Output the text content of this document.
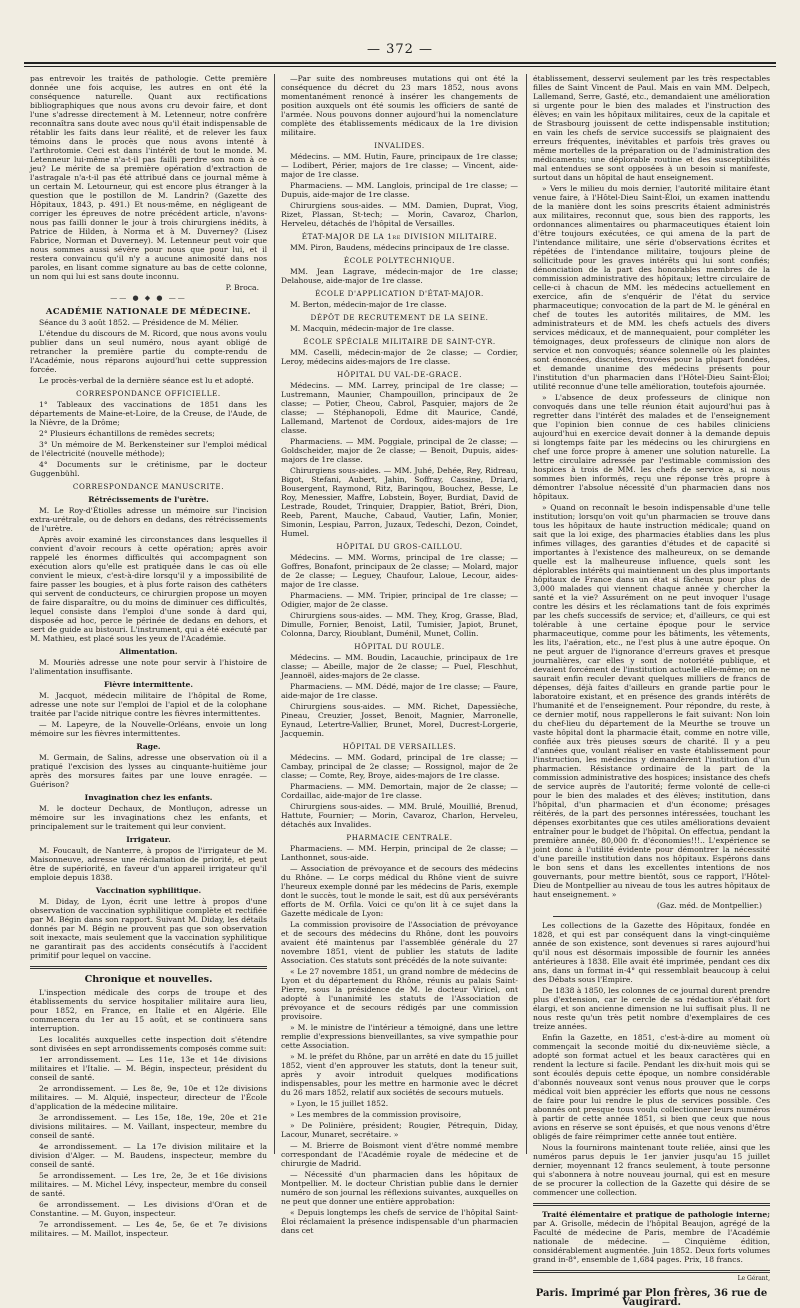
— 372 —

pas entrevoir les traités de pathologie. Cette première donnée une fois acquise, les autres en ont été la conséquence naturelle. Quant aux rectifications bibliographiques que nous avons cru devoir faire, et dont l'une s'adresse directement à M. Letenneur, notre confrère reconnaîtra sans doute avec nous qu'il était indispensable de rétablir les faits dans leur réalité, et de relever les faux témoins dans le procès que nous avons intenté à l'arthrotomie. Ceci est dans l'intérêt de tout le monde. M. Letenneur lui-même n'a-t-il pas failli perdre son nom à ce jeu? Le mérite de sa première opération d'extraction de l'astragale n'a-t-il pas été attribué dans ce journal même à un certain M. Letourneur, qui est encore plus étranger à la question que le postillon de M. Landrin? (Gazette des Hôpitaux, 1843, p. 491.) Et nous-même, en négligeant de corriger les épreuves de notre précédent article, n'avons-nous pas failli donner le jour à trois chirurgiens inédits, à Patrice de Hilden, à Norma et à M. Duverney? (Lisez Fabrice, Norman et Duverney). M. Letenneur peut voir que nous sommes aussi sévère pour nous que pour lui, et il restera convaincu qu'il n'y a aucune animosité dans nos paroles, en lisant comme signature au bas de cette colonne, un nom qui lui est sans doute inconnu.

P. Broca.
—— ● ◆ ● ——
ACADÉMIE NATIONALE DE MÉDECINE.

Séance du 3 août 1852. — Présidence de M. Mélier.

L'étendue du discours de M. Ricord, que nous avons voulu publier dans un seul numéro, nous ayant obligé de retrancher la première partie du compte-rendu de l'Académie, nous réparons aujourd'hui cette suppression forcée.

Le procès-verbal de la dernière séance est lu et adopté.

CORRESPONDANCE OFFICIELLE.

1° Tableaux des vaccinations de 1851 dans les départements de Maine-et-Loire, de la Creuse, de l'Aude, de la Nièvre, de la Drôme;

2° Plusieurs échantillons de remèdes secrets;

3° Un mémoire de M. Berkensteiner sur l'emploi médical de l'électricité (nouvelle méthode);

4° Documents sur le crétinisme, par le docteur Guggenbühl.

CORRESPONDANCE MANUSCRITE.
Rétrécissements de l'urètre.

M. Le Roy-d'Étiolles adresse un mémoire sur l'incision extra-urétrale, ou de dehors en dedans, des rétrécissements de l'urètre.

Après avoir examiné les circonstances dans lesquelles il convient d'avoir recours à cette opération; après avoir rappelé les énormes difficultés qui accompagnent son exécution alors qu'elle est pratiquée dans le cas où elle convient le mieux, c'est-à-dire lorsqu'il y a impossibilité de faire passer les bougies, et à plus forte raison des cathéters qui servent de conducteurs, ce chirurgien propose un moyen de faire disparaître, ou du moins de diminuer ces difficultés, lequel consiste dans l'emploi d'une sonde à dard qui, disposée ad hoc, perce le périnée de dedans en dehors, et sert de guide au bistouri. L'instrument, qui a été exécuté par M. Mathieu, est placé sous les yeux de l'Académie.

Alimentation.

M. Mouriès adresse une note pour servir à l'histoire de l'alimentation insuffisante.

Fièvre intermittente.

M. Jacquot, médecin militaire de l'hôpital de Rome, adresse une note sur l'emploi de l'apiol et de la colophane traitée par l'acide nitrique contre les fièvres intermittentes.

— M. Lapeyre, de la Nouvelle-Orléans, envoie un long mémoire sur les fièvres intermittentes.

Rage.

M. Germain, de Salins, adresse une observation où il a pratiqué l'excision des lysses au cinquante-huitième jour après des morsures faites par une louve enragée. — Guérison?

Invagination chez les enfants.

M. le docteur Dechaux, de Montluçon, adresse un mémoire sur les invaginations chez les enfants, et principalement sur le traitement qui leur convient.

Irrigateur.

M. Foucault, de Nanterre, à propos de l'irrigateur de M. Maisonneuve, adresse une réclamation de priorité, et peut être de supériorité, en faveur d'un appareil irrigateur qu'il emploie depuis 1838.

Vaccination syphilitique.

M. Diday, de Lyon, écrit une lettre à propos d'une observation de vaccination syphilitique complète et rectifiée par M. Bégin dans son rapport. Suivant M. Diday, les détails donnés par M. Bégin ne prouvent pas que son observation soit inexacte, mais seulement que la vaccination syphilitique ne garantirait pas des accidents consécutifs à l'accident primitif pour lequel on vaccine.

Chronique et nouvelles.

L'inspection médicale des corps de troupe et des établissements du service hospitalier militaire aura lieu, pour 1852, en France, en Italie et en Algérie. Elle commencera du 1er au 15 août, et se continuera sans interruption.

Les localités auxquelles cette inspection doit s'étendre sont divisées en sept arrondissements composés comme suit:

1er arrondissement. — Les 11e, 13e et 14e divisions militaires et l'Italie. — M. Bégin, inspecteur, président du conseil de santé.

2e arrondissement. — Les 8e, 9e, 10e et 12e divisions militaires. — M. Alquié, inspecteur, directeur de l'École d'application de la médecine militaire.

3e arrondissement. — Les 15e, 18e, 19e, 20e et 21e divisions militaires. — M. Vaillant, inspecteur, membre du conseil de santé.

4e arrondissement. — La 17e division militaire et la division d'Alger. — M. Baudens, inspecteur, membre du conseil de santé.

5e arrondissement. — Les 1re, 2e, 3e et 16e divisions militaires. — M. Michel Lévy, inspecteur, membre du conseil de santé.

6e arrondissement. — Les divisions d'Oran et de Constantine. — M. Guyon, inspecteur.

7e arrondissement. — Les 4e, 5e, 6e et 7e divisions militaires. — M. Maillot, inspecteur.

—Par suite des nombreuses mutations qui ont été la conséquence du décret du 23 mars 1852, nous avons momentanément renoncé à insérer les changements de position auxquels ont été soumis les officiers de santé de l'armée. Nous pouvons donner aujourd'hui la nomenclature complète des établissements médicaux de la 1re division militaire.

INVALIDES.

Médecins. — MM. Hutin, Faure, principaux de 1re classe; — Lodibert, Périer, majors de 1re classe; — Vincent, aide-major de 1re classe.

Pharmaciens. — MM. Langlois, principal de 1re classe; — Dupuis, aide-major de 1re classe.

Chirurgiens sous-aides. — MM. Damien, Duprat, Viog, Rizet, Plassan, St-tech; — Morin, Cavaroz, Charlon, Herveleu, détachés de l'hôpital de Versailles.

ÉTAT-MAJOR DE LA 1re DIVISION MILITAIRE.

MM. Piron, Baudens, médecins principaux de 1re classe.

ÉCOLE POLYTECHNIQUE.

MM. Jean Lagrave, médecin-major de 1re classe; Delahouse, aide-major de 1re classe.

ÉCOLE D'APPLICATION D'ÉTAT-MAJOR.

M. Berton, médecin-major de 1re classe.

DÉPÔT DE RECRUTEMENT DE LA SEINE.

M. Macquin, médecin-major de 1re classe.

ÉCOLE SPÉCIALE MILITAIRE DE SAINT-CYR.

MM. Caselli, médecin-major de 2e classe; — Cordier, Leroy, médecins aides-majors de 1re classe.

HÔPITAL DU VAL-DE-GRACE.

Médecins. — MM. Larrey, principal de 1re classe; — Lustremann, Maunier, Champouillon, principaux de 2e classe; — Potier, Cheou, Cabrol, Pasquier, majors de 2e classe; — Stéphanopoli, Edme dit Maurice, Candé, Lallemand, Martenot de Cordoux, aides-majors de 1re classe.

Pharmaciens. — MM. Poggiale, principal de 2e classe; — Goldscheider, major de 2e classe; — Benoit, Dupuis, aides-majors de 1re classe.

Chirurgiens sous-aides. — MM. Juhé, Dehée, Rey, Ridreau, Bigot, Stefani, Aubert, Jahin, Soffray, Cassine, Driard, Bousergent, Raymond, Ritz, Barinqou, Bouchez, Besse, Le Roy, Menessier, Maffre, Lobstein, Boyer, Burdiat, David de Lestrade, Roudet, Trinquier, Drappier, Batiot, Bréri, Dion, Reeb, Parent, Mauche, Cabaud, Vautier, Lafin, Monier, Simonin, Lespiau, Parron, Juzaux, Tedeschi, Dezon, Coindet, Humel.

HÔPITAL DU GROS-CAILLOU.

Médecins. — MM. Worms, principal de 1re classe; — Goffres, Bonafont, principaux de 2e classe; — Molard, major de 2e classe; — Leguey, Chaufour, Laloue, Lecour, aides-major de 1re classe.

Pharmaciens. — MM. Tripier, principal de 1re classe; — Odigier, major de 2e classe.

Chirurgiens sous-aides. — MM. They, Krog, Grasse, Blad, Dimulle, Fornier, Benoist, Latil, Tumisier, Japiot, Brunet, Colonna, Darcy, Rioublant, Duménil, Munet, Collin.

HÔPITAL DU ROULE.

Médecins. — MM. Boudin, Lacauchie, principaux de 1re classe; — Abeille, major de 2e classe; — Puel, Fleschhut, Jeannoël, aides-majors de 2e classe.

Pharmaciens. — MM. Dédé, major de 1re classe; — Faure, aide-major de 1re classe.

Chirurgiens sous-aides. — MM. Richet, Dapessièche, Pineau, Creuzier, Josset, Benoit, Magnier, Marronelle, Eynaud, Letertre-Vallier, Brunet, Morel, Ducrest-Lorgerie, Jacquemin.

HÔPITAL DE VERSAILLES.

Médecins. — MM. Godard, principal de 1re classe; — Cambay, principal de 2e classe; — Rossignol, major de 2e classe; — Comte, Rey, Broye, aides-majors de 1re classe.

Pharmaciens. — MM. Demortain, major de 2e classe; — Cordaillac, aide-major de 1re classe.

Chirurgiens sous-aides. — MM. Brulé, Mouillié, Brenud, Hattute, Fournier; — Morin, Cavaroz, Charlon, Herveleu, détachés aux Invalides.

PHARMACIE CENTRALE.

Pharmaciens. — MM. Herpin, principal de 2e classe; — Lanthonnet, sous-aide.

— Association de prévoyance et de secours des médecins du Rhône. — Le corps médical du Rhône vient de suivre l'heureux exemple donné par les médecins de Paris, exemple dont le succès, tout le monde le sait, est dû aux persévérants efforts de M. Orfila. Voici ce qu'on lit à ce sujet dans la Gazette médicale de Lyon:

La commission provisoire de l'Association de prévoyance et de secours des médecins du Rhône, dont les pouvoirs avaient été maintenus par l'assemblée générale du 27 novembre 1851, vient de publier les statuts de ladite Association. Ces statuts sont précédés de la note suivante:

« Le 27 novembre 1851, un grand nombre de médecins de Lyon et du département du Rhône, réunis au palais Saint-Pierre, sous la présidence de M. le docteur Viricel, ont adopté à l'unanimité les statuts de l'Association de prévoyance et de secours rédigés par une commission provisoire.

» M. le ministre de l'intérieur a témoigné, dans une lettre remplie d'expressions bienveillantes, sa vive sympathie pour cette Association.

» M. le préfet du Rhône, par un arrêté en date du 15 juillet 1852, vient d'en approuver les statuts, dont la teneur suit, après y avoir introduit quelques modifications indispensables, pour les mettre en harmonie avec le décret du 26 mars 1852, relatif aux sociétés de secours mutuels.

» Lyon, le 15 juillet 1852.

» Les membres de la commission provisoire,

» De Polinière, président; Rougier, Pétrequin, Diday, Lacour, Munaret, secrétaire. »

— M. Brierre de Boismont vient d'être nommé membre correspondant de l'Académie royale de médecine et de chirurgie de Madrid.

— Nécessité d'un pharmacien dans les hôpitaux de Montpellier. M. le docteur Christian publie dans le dernier numéro de son journal les réflexions suivantes, auxquelles on ne peut que donner une entière approbation:

« Depuis longtemps les chefs de service de l'hôpital Saint-Éloi réclamaient la présence indispensable d'un pharmacien dans cet

établissement, desservi seulement par les très respectables filles de Saint Vincent de Paul. Mais en vain MM. Delpech, Lallemand, Serre, Gasté, etc., demandaient une amélioration si urgente pour le bien des malades et l'instruction des élèves; en vain les hôpitaux militaires, ceux de la capitale et de Strasbourg jouissent de cette indispensable institution; en vain les chefs de service successifs se plaignaient des erreurs fréquentes, inévitables et parfois très graves ou même mortelles de la préparation ou de l'administration des médicaments; une déplorable routine et des susceptibilités mal entendues se sont opposées à un besoin si manifeste, surtout dans un hôpital de haut enseignement.

» Vers le milieu du mois dernier, l'autorité militaire étant venue faire, à l'Hôtel-Dieu Saint-Éloi, un examen inattendu de la manière dont les soins prescrits étaient administrés aux militaires, reconnut que, sous bien des rapports, les ordonnances alimentaires ou pharmaceutiques étaient loin d'être toujours exécutées, ce qui amena de la part de l'intendance militaire, une série d'observations écrites et répétées de l'intendance militaire, toujours pleine de sollicitude pour les graves intérêts qui lui sont confiés; dénonciation de la part des honorables membres de la commission administrative des hôpitaux; lettre circulaire de celle-ci à chacun de MM. les médecins actuellement en exercice, afin de s'enquérir de l'état du service pharmaceutique; convocation de la part de M. le général en chef de toutes les autorités militaires, de MM. les administrateurs et de MM. les chefs actuels des divers services médicaux, et de mannequaient, pour compléter les témoignages, deux professeurs de clinique non alors de service et non convoqués; séance solennelle où les plaintes sont énoncées, discutées, trouvées pour la plupart fondées, et demande unanime des médecins présents pour l'institution d'un pharmacien dans l'Hôtel-Dieu Saint-Éloi; utilité reconnue d'une telle amélioration, toutefois ajournée.

» L'absence de deux professeurs de clinique non convoqués dans une telle réunion était aujourd'hui pas à regretter dans l'intérêt des malades et de l'enseignement que l'opinion bien connue de ces habiles cliniciens aujourd'hui en exercice devait donner à la demande depuis si longtemps faite par les médecins ou les chirurgiens en chef une force propre à amener une solution naturelle. La lettre circulaire adressée par l'estimable commission des hospices à trois de MM. les chefs de service a, si nous sommes bien informés, reçu une réponse très propre à démontrer l'absolue nécessité d'un pharmacien dans nos hôpitaux.

» Quand on reconnaît le besoin indispensable d'une telle institution; lorsqu'on voit qu'un pharmacien se trouve dans tous les hôpitaux de haute instruction médicale; quand on sait que la loi exige, des pharmacies établies dans les plus infimes villages, des garanties d'études et de capacité si importantes à l'existence des malheureux, on se demande quelle est la malheureuse influence, quels sont les déplorables intérêts qui maintiennent un des plus importants hôpitaux de France dans un état si fâcheux pour plus de 3,000 malades qui viennent chaque année y chercher la santé et la vie? Assurément on ne peut invoquer l'usage contre les désirs et les réclamations tant de fois exprimés par les chefs successifs de service; et, d'ailleurs, ce qui est tolérable à une certaine époque pour le service pharmaceutique, comme pour les bâtiments, les vêtements, les lits, l'aération, etc., ne l'est plus à une autre époque. On ne peut arguer de l'ignorance d'erreurs graves et presque journalières, car elles y sont de notoriété publique, et devaient forcément de l'institution actuelle elle-même; on ne saurait enfin reculer devant quelques milliers de francs de dépenses, déjà faites d'ailleurs en grande partie pour le laboratoire existant, et en présence des grands intérêts de l'humanité et de l'enseignement. Pour répondre, du reste, à ce dernier motif, nous rappellerons le fait suivant: Non loin du chef-lieu du département de la Meurthe se trouve un vaste hôpital dont la pharmacie était, comme en notre ville, confiée aux très pieuses sœurs de charité. Il y a peu d'années que, voulant réaliser en vaste établissement pour l'instruction, les médecins y demandèrent l'institution d'un pharmacien. Résistance ordinaire de la part de la commission administrative des hospices; insistance des chefs de service auprès de l'autorité; ferme volonté de celle-ci pour le bien des malades et des élèves; institution, dans l'hôpital, d'un pharmacien et d'un économe; présages réitérés, de la part des personnes intéressées, touchant les dépenses exorbitantes que ces utiles améliorations devaient entraîner pour le budget de l'hôpital. On effectua, pendant la première année, 80,000 fr. d'économies!!!.. L'expérience se joint donc à l'utilité évidente pour démontrer la nécessité d'une pareille institution dans nos hôpitaux. Espérons dans le bon sens et dans les excellentes intentions de nos gouvernants, pour mettre bientôt, sous ce rapport, l'Hôtel-Dieu de Montpellier au niveau de tous les autres hôpitaux de haut enseignement. »

(Gaz. méd. de Montpellier.)

Les collections de la Gazette des Hôpitaux, fondée en 1828, et qui est par conséquent dans la vingt-cinquième année de son existence, sont devenues si rares aujourd'hui qu'il nous est désormais impossible de fournir les années antérieures à 1838. Elle avait été imprimée, pendant ces dix ans, dans un format in-4° qui ressemblait beaucoup à celui des Débats sous l'Empire.

De 1838 à 1850, les colonnes de ce journal durent prendre plus d'extension, car le cercle de sa rédaction s'était fort élargi, et son ancienne dimension ne lui suffisait plus. Il ne nous reste qu'un très petit nombre d'exemplaires de ces treize années.

Enfin la Gazette, en 1851, c'est-à-dire au moment où commençait la seconde moitié du dix-neuvième siècle, a adopté son format actuel et les beaux caractères qui en rendent la lecture si facile. Pendant les dix-huit mois qui se sont écoulés depuis cette époque, un nombre considérable d'abonnés nouveaux sont venus nous prouver que le corps médical voit bien apprécier les efforts que nous ne cessons de faire pour lui rendre le plus de services possible. Ces abonnés ont presque tous voulu collectionner leurs numéros à partir de cette année 1851, si bien que ceux que nous avions en réserve se sont épuisés, et que nous venons d'être obligés de faire réimprimer cette année tout entière.

Nous la fournirons maintenant toute reliée, ainsi que les numéros parus depuis le 1er janvier jusqu'au 15 juillet dernier, moyennant 12 francs seulement, à toute personne qui s'abonnera à notre nouveau journal, qui est en mesure de se procurer la collection de la Gazette qui désire de se commencer une collection.

Traité élémentaire et pratique de pathologie interne; par A. Grisolle, médecin de l'hôpital Beaujon, agrégé de la Faculté de médecine de Paris, membre de l'Académie nationale de médecine. — Cinquième édition, considérablement augmentée. Juin 1852. Deux forts volumes grand in-8°, ensemble de 1,684 pages. Prix, 18 francs.

Le Gérant,
Paris. Imprimé par Plon frères, 36 rue de Vaugirard.
